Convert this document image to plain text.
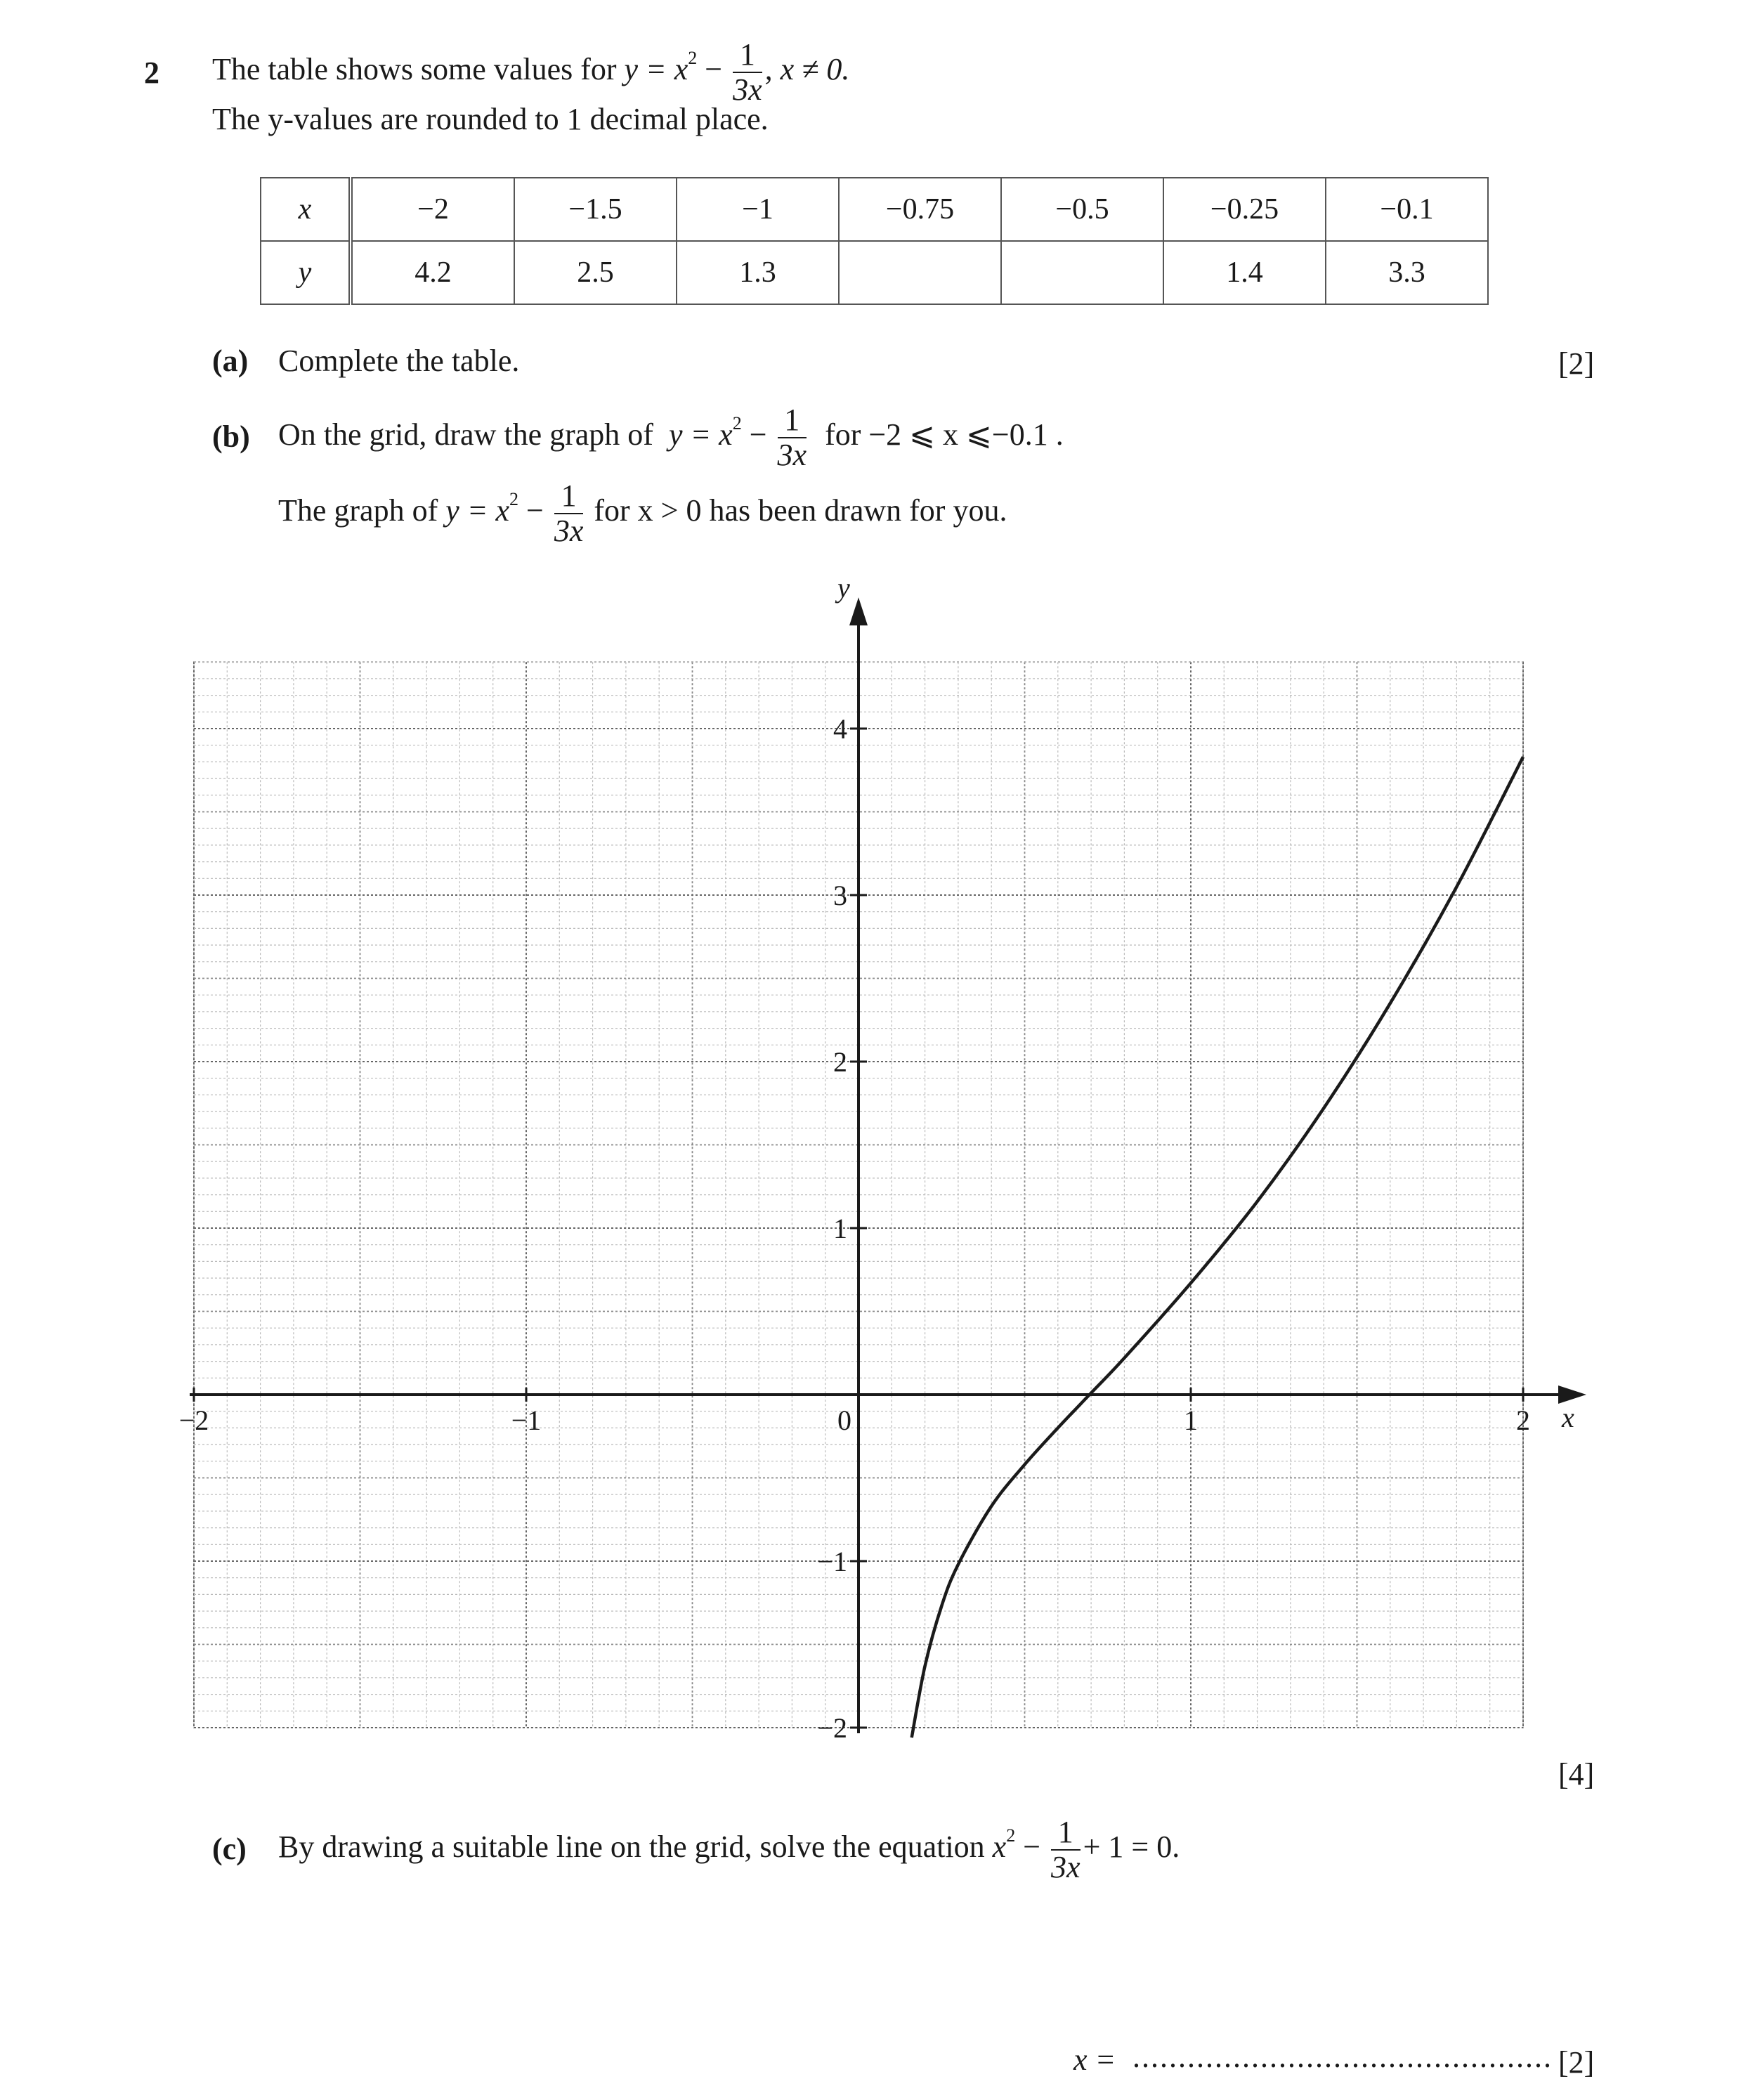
2 The table shows some values for $y = x^2 - \frac{1}{3x}$ , x ≠ 0.
The y-values are rounded to 1 decimal place.
x	−2	−1.5	−1	−0.75	−0.5	−0.25	−0.1
y	4.2	2.5	1.3			1.4	3.3
(a) Complete the table.	[2]
(b) On the grid, draw the graph of $y = x^2 - \frac{1}{3x}$ for −2 ⩽ x ⩽−0.1 .
The graph of $y = x^2 - \frac{1}{3x}$ for x > 0 has been drawn for you.
−2	−1	0	1	2
−2
−1
1
2
3
4
x
y
[4]
(c) By drawing a suitable line on the grid, solve the equation $x^2 - \frac{1}{3x} + 1 = 0$.
x = .............................................. [2]
